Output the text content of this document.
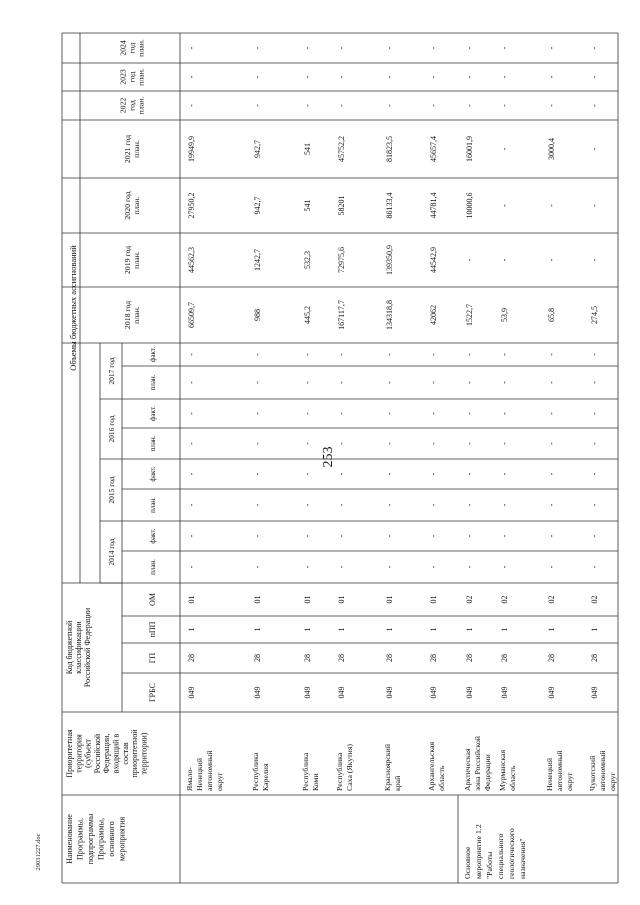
253
29031227.doc
Объемы бюджетных ассигнований
Код бюджетной классификации Российской Федерации
Приоритетная территория (субъект Российской Федерации, входящий в состав приоритетной территории)
Наименование Программы, подпрограммы Программы, основного мероприятия
2014 год
план.
факт.
2015 год
план.
факт.
2016 год
план.
факт.
2017 год	план.
факт.
ГРБС
ГП
пПП
ОМ
2018 год план.
2019 год план.
2020 год план.
2021 год план.
2022 год план.
2023 год план.
2024 год план.
Ямало- Ненецкий автономный округ
049
28
1
01
-
-
-
-
-
-
-
-
66509,7
44562,3
27950,2
19949,9
-
-
-
Республика Карелия
049
28
1
01
-
-
-
-
-
-
-
-
988
1242,7
942,7
942,7
-
-
-
Республика Коми
049
28
1
01
-
-
-
-
-
-
-
-
445,2
532,3
541
541
-
-
-
Республика Саха (Якутия)
049
28
1
01
-
-
-
-
-
-
-
-
167117,7
72975,6
58201
45752,2
-
-
-
Красноярский край
049
28
1
01
-
-
-
-
-
-
-
-
134318,8
139350,9
86133,4
81823,5
-
-
-
Архангельская область
049
28
1
01
-
-
-
-
-
-
-
-
42062
44542,9
44781,4
45657,4
-
-
-
Основное мероприятие 1.2 "Работы специального геологического назначения"
Арктическая зона Российской Федерации
049
28
1
02
-
-
-
-
-
-
-
-
1522,7
-
10000,6
16001,9
-
-
-
Мурманская область
049
28
1
02
-
-
-
-
-
-
-
-
53,9
-
-
-
-
-
-
Ненецкий автономный округ
049
28
1
02
-
-
-
-
-
-
-
-
65,8
-
-
3000,4
-
-
-
Чукотский автономный округ
049
28
1
02
-
-
-
-
-
-
-
-
274,5
-
-
-
-
-
-
